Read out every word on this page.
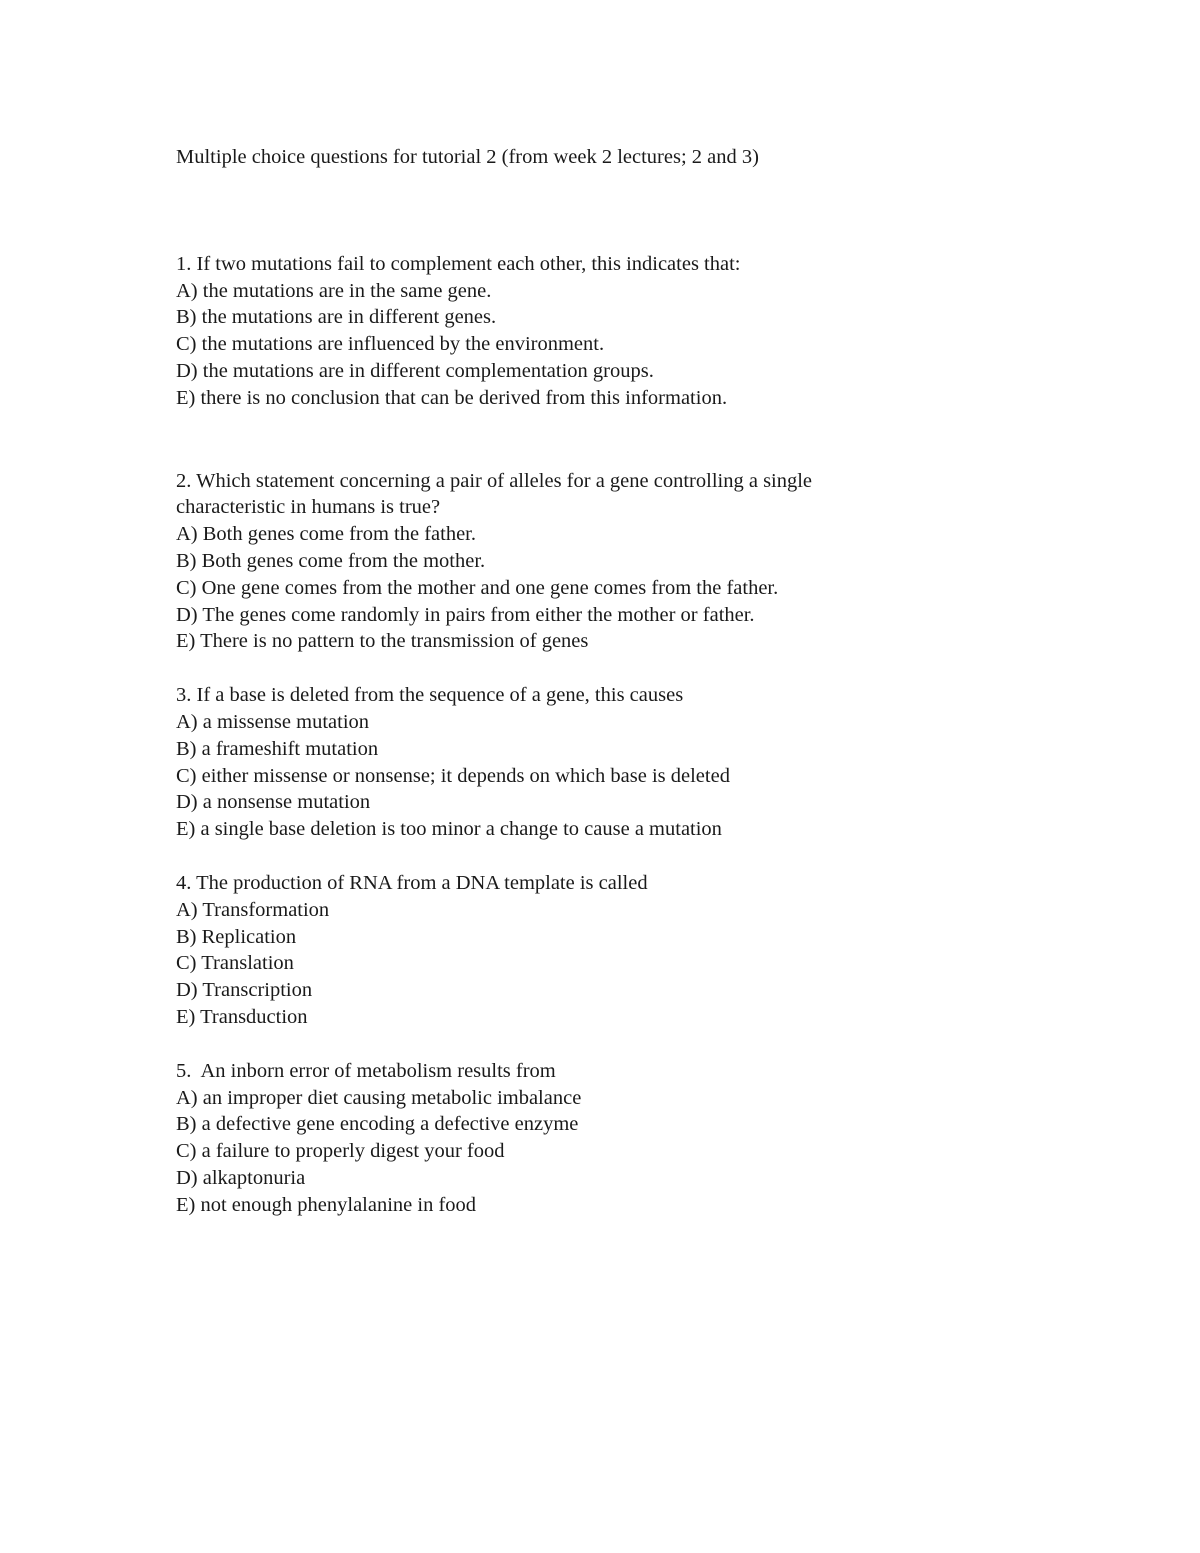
Multiple choice questions for tutorial 2 (from week 2 lectures; 2 and 3)
1. If two mutations fail to complement each other, this indicates that:
A) the mutations are in the same gene.
B) the mutations are in different genes.
C) the mutations are influenced by the environment.
D) the mutations are in different complementation groups.
E) there is no conclusion that can be derived from this information.
2. Which statement concerning a pair of alleles for a gene controlling a single characteristic in humans is true?
A) Both genes come from the father.
B) Both genes come from the mother.
C) One gene comes from the mother and one gene comes from the father.
D) The genes come randomly in pairs from either the mother or father.
E) There is no pattern to the transmission of genes
3. If a base is deleted from the sequence of a gene, this causes
A) a missense mutation
B) a frameshift mutation
C) either missense or nonsense; it depends on which base is deleted
D) a nonsense mutation
E) a single base deletion is too minor a change to cause a mutation
4. The production of RNA from a DNA template is called
A) Transformation
B) Replication
C) Translation
D) Transcription
E) Transduction
5.  An inborn error of metabolism results from
A) an improper diet causing metabolic imbalance
B) a defective gene encoding a defective enzyme
C) a failure to properly digest your food
D) alkaptonuria
E) not enough phenylalanine in food
